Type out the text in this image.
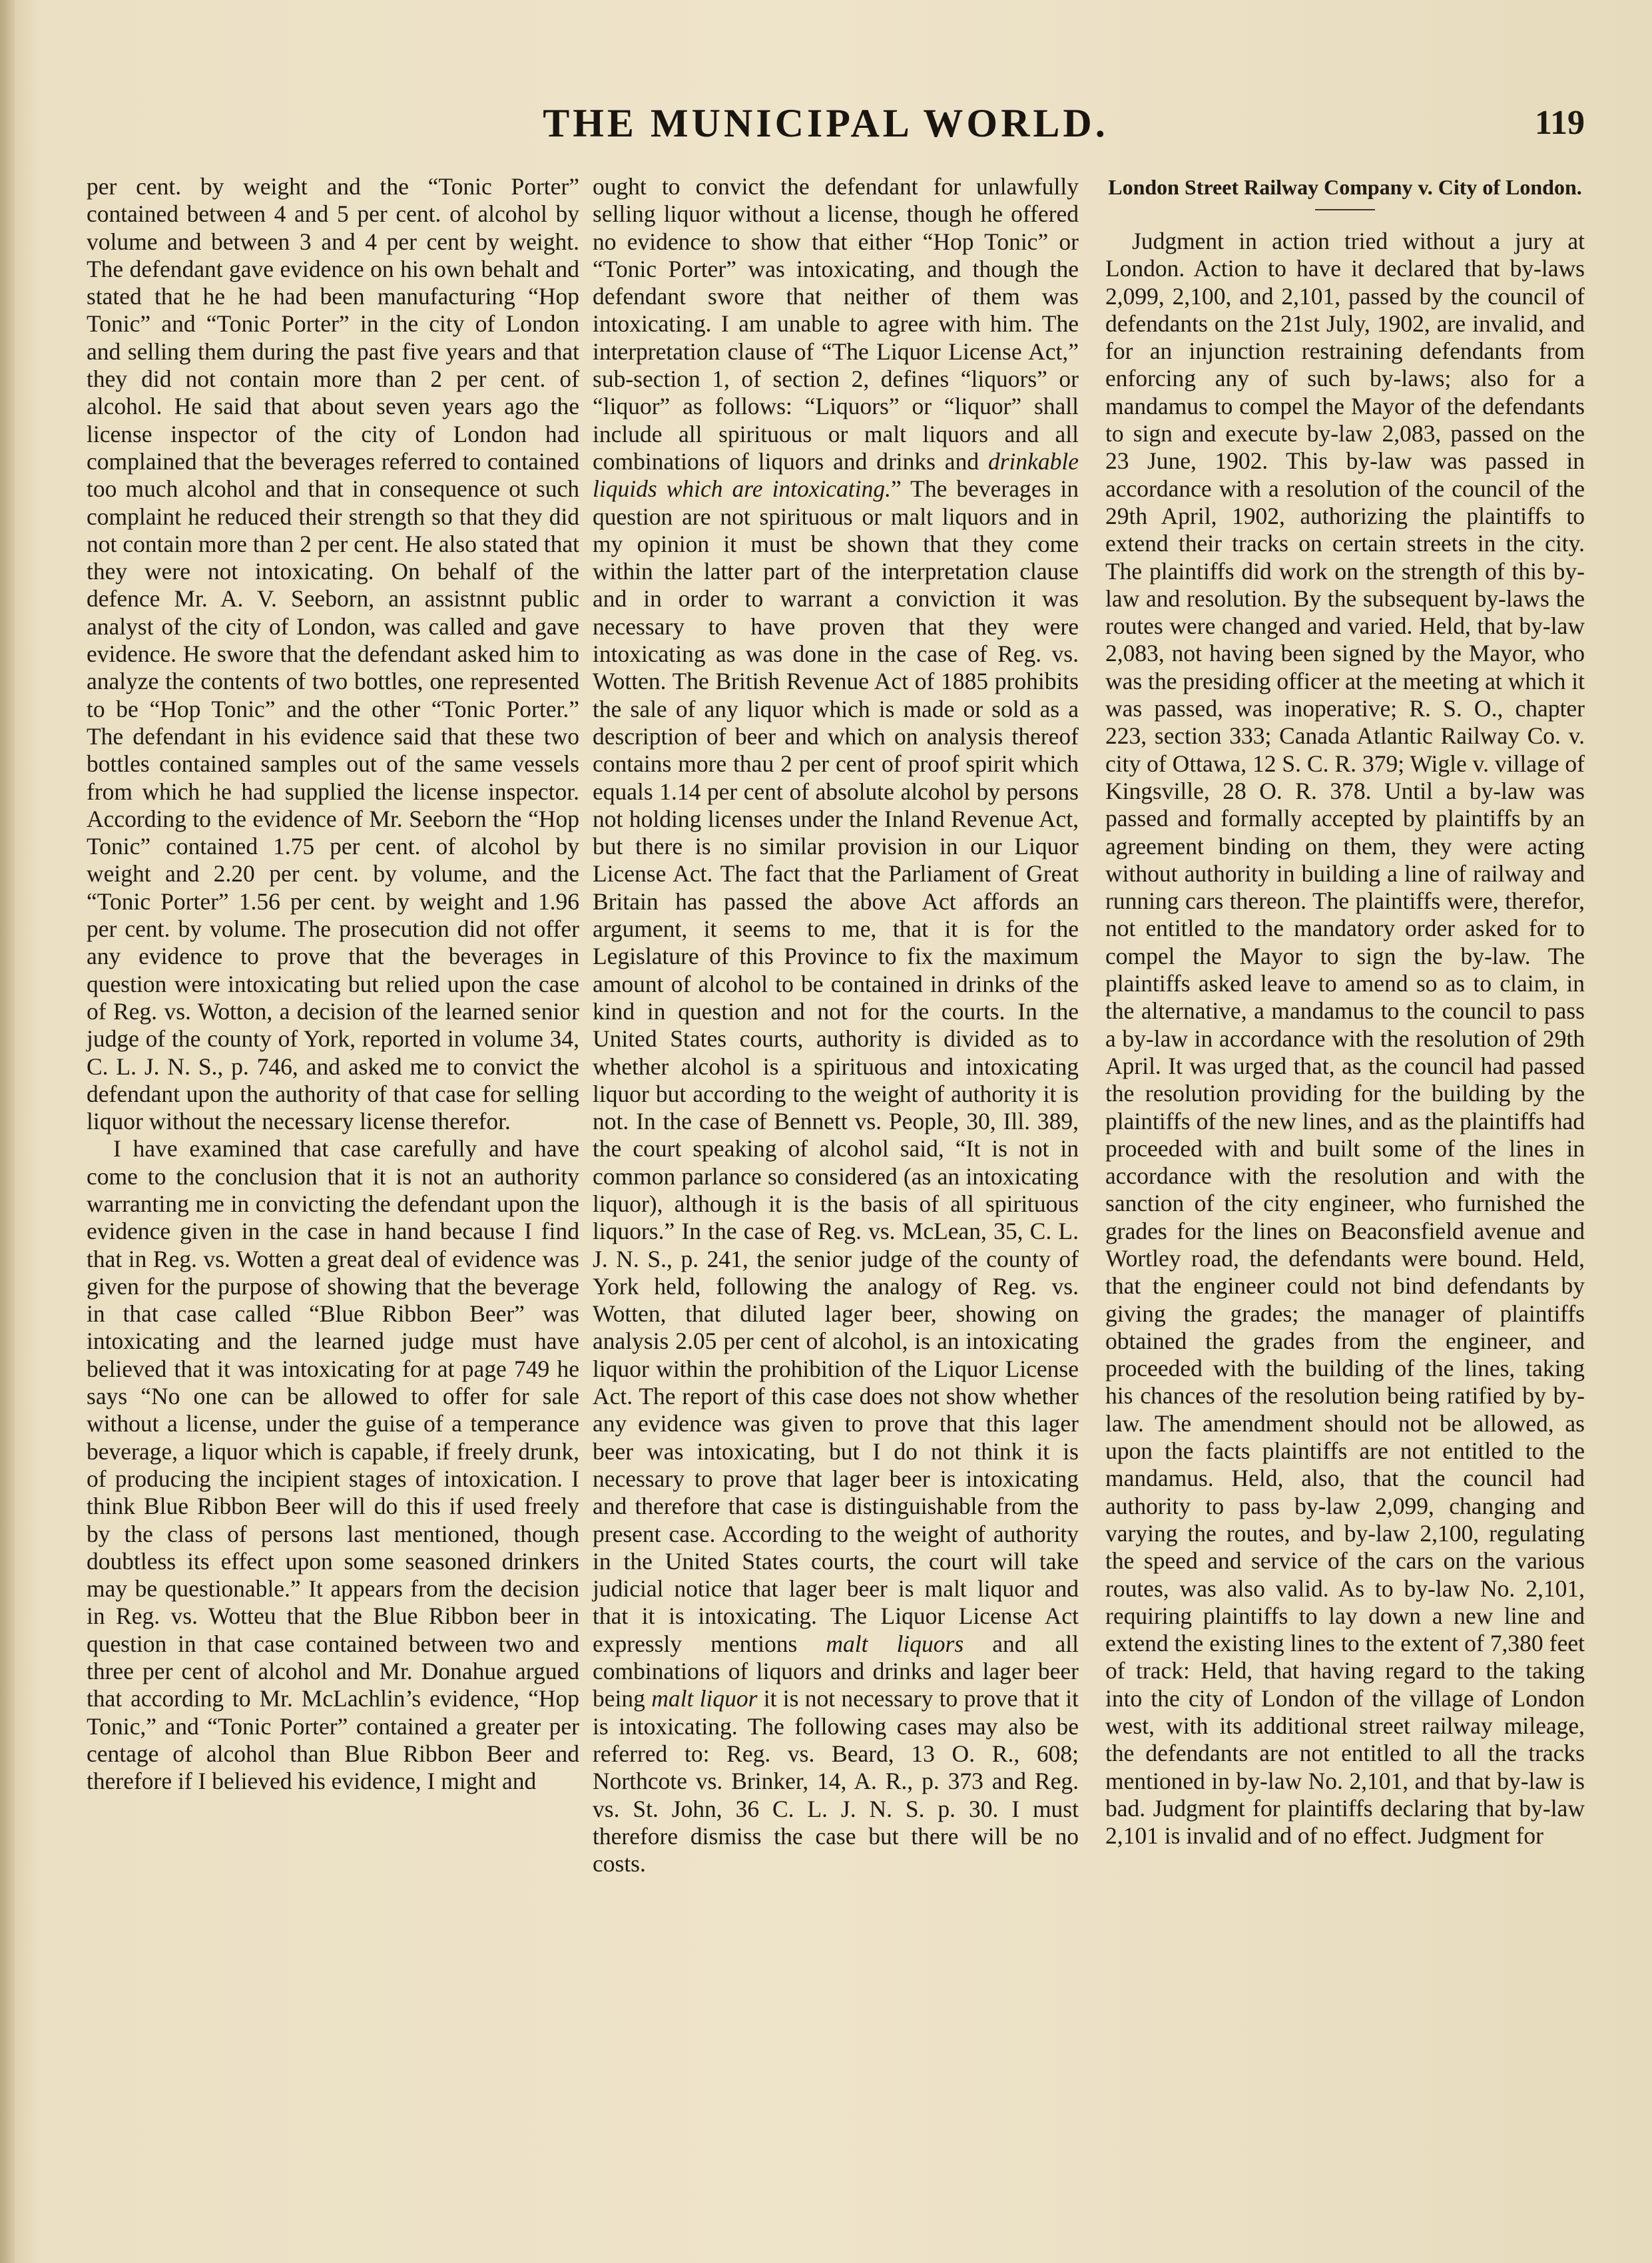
THE MUNICIPAL WORLD.	119

per cent. by weight and the “Tonic Porter” contained between 4 and 5 per cent. of alcohol by volume and between 3 and 4 per cent by weight. The defendant gave evidence on his own behalt and stated that he he had been manufacturing “Hop Tonic” and “Tonic Porter” in the city of London and selling them during the past five years and that they did not contain more than 2 per cent. of alcohol. He said that about seven years ago the license inspector of the city of London had complained that the beverages referred to contained too much alcohol and that in consequence ot such complaint he reduced their strength so that they did not contain more than 2 per cent. He also stated that they were not intoxicating. On behalf of the defence Mr. A. V. Seeborn, an assistnnt public analyst of the city of London, was called and gave evidence. He swore that the defendant asked him to analyze the contents of two bottles, one represented to be “Hop Tonic” and the other “Tonic Porter.” The defendant in his evidence said that these two bottles contained samples out of the same vessels from which he had supplied the license inspector. According to the evidence of Mr. Seeborn the “Hop Tonic” contained 1.75 per cent. of alcohol by weight and 2.20 per cent. by volume, and the “Tonic Porter” 1.56 per cent. by weight and 1.96 per cent. by volume. The prosecution did not offer any evidence to prove that the beverages in question were intoxicating but relied upon the case of Reg. vs. Wotton, a decision of the learned senior judge of the county of York, reported in volume 34, C. L. J. N. S., p. 746, and asked me to convict the defendant upon the authority of that case for selling liquor without the necessary license therefor.

I have examined that case carefully and have come to the conclusion that it is not an authority warranting me in convicting the defendant upon the evidence given in the case in hand because I find that in Reg. vs. Wotten a great deal of evidence was given for the purpose of showing that the beverage in that case called “Blue Ribbon Beer” was intoxicating and the learned judge must have believed that it was intoxicating for at page 749 he says “No one can be allowed to offer for sale without a license, under the guise of a temperance beverage, a liquor which is capable, if freely drunk, of producing the incipient stages of intoxication. I think Blue Ribbon Beer will do this if used freely by the class of persons last mentioned, though doubtless its effect upon some seasoned drinkers may be questionable.” It appears from the decision in Reg. vs. Wotteu that the Blue Ribbon beer in question in that case contained between two and three per cent of alcohol and Mr. Donahue argued that according to Mr. McLachlin’s evidence, “Hop Tonic,” and “Tonic Porter” contained a greater per centage of alcohol than Blue Ribbon Beer and therefore if I believed his evidence, I might and

ought to convict the defendant for unlawfully selling liquor without a license, though he offered no evidence to show that either “Hop Tonic” or “Tonic Porter” was intoxicating, and though the defendant swore that neither of them was intoxicating. I am unable to agree with him. The interpretation clause of “The Liquor License Act,” sub-section 1, of section 2, defines “liquors” or “liquor” as follows: “Liquors” or “liquor” shall include all spirituous or malt liquors and all combinations of liquors and drinks and drinkable liquids which are intoxicating.” The beverages in question are not spirituous or malt liquors and in my opinion it must be shown that they come within the latter part of the interpretation clause and in order to warrant a conviction it was necessary to have proven that they were intoxicating as was done in the case of Reg. vs. Wotten. The British Revenue Act of 1885 prohibits the sale of any liquor which is made or sold as a description of beer and which on analysis thereof contains more thau 2 per cent of proof spirit which equals 1.14 per cent of absolute alcohol by persons not holding licenses under the Inland Revenue Act, but there is no similar provision in our Liquor License Act. The fact that the Parliament of Great Britain has passed the above Act affords an argument, it seems to me, that it is for the Legislature of this Province to fix the maximum amount of alcohol to be contained in drinks of the kind in question and not for the courts. In the United States courts, authority is divided as to whether alcohol is a spirituous and intoxicating liquor but according to the weight of authority it is not. In the case of Bennett vs. People, 30, Ill. 389, the court speaking of alcohol said, “It is not in common parlance so considered (as an intoxicating liquor), although it is the basis of all spirituous liquors.” In the case of Reg. vs. McLean, 35, C. L. J. N. S., p. 241, the senior judge of the county of York held, following the analogy of Reg. vs. Wotten, that diluted lager beer, showing on analysis 2.05 per cent of alcohol, is an intoxicating liquor within the prohibition of the Liquor License Act. The report of this case does not show whether any evidence was given to prove that this lager beer was intoxicating, but I do not think it is necessary to prove that lager beer is intoxicating and therefore that case is distinguishable from the present case. According to the weight of authority in the United States courts, the court will take judicial notice that lager beer is malt liquor and that it is intoxicating. The Liquor License Act expressly mentions malt liquors and all combinations of liquors and drinks and lager beer being malt liquor it is not necessary to prove that it is intoxicating. The following cases may also be referred to: Reg. vs. Beard, 13 O. R., 608; Northcote vs. Brinker, 14, A. R., p. 373 and Reg. vs. St. John, 36 C. L. J. N. S. p. 30. I must therefore dismiss the case but there will be no costs.

London Street Railway Company v. City of London.

Judgment in action tried without a jury at London. Action to have it declared that by-laws 2,099, 2,100, and 2,101, passed by the council of defendants on the 21st July, 1902, are invalid, and for an injunction restraining defendants from enforcing any of such by-laws; also for a mandamus to compel the Mayor of the defendants to sign and execute by-law 2,083, passed on the 23 June, 1902. This by-law was passed in accordance with a resolution of the council of the 29th April, 1902, authorizing the plaintiffs to extend their tracks on certain streets in the city. The plaintiffs did work on the strength of this by-law and resolution. By the subsequent by-laws the routes were changed and varied. Held, that by-law 2,083, not having been signed by the Mayor, who was the presiding officer at the meeting at which it was passed, was inoperative; R. S. O., chapter 223, section 333; Canada Atlantic Railway Co. v. city of Ottawa, 12 S. C. R. 379; Wigle v. village of Kingsville, 28 O. R. 378. Until a by-law was passed and formally accepted by plaintiffs by an agreement binding on them, they were acting without authority in building a line of railway and running cars thereon. The plaintiffs were, therefor, not entitled to the mandatory order asked for to compel the Mayor to sign the by-law. The plaintiffs asked leave to amend so as to claim, in the alternative, a mandamus to the council to pass a by-law in accordance with the resolution of 29th April. It was urged that, as the council had passed the resolution providing for the building by the plaintiffs of the new lines, and as the plaintiffs had proceeded with and built some of the lines in accordance with the resolution and with the sanction of the city engineer, who furnished the grades for the lines on Beaconsfield avenue and Wortley road, the defendants were bound. Held, that the engineer could not bind defendants by giving the grades; the manager of plaintiffs obtained the grades from the engineer, and proceeded with the building of the lines, taking his chances of the resolution being ratified by by-law. The amendment should not be allowed, as upon the facts plaintiffs are not entitled to the mandamus. Held, also, that the council had authority to pass by-law 2,099, changing and varying the routes, and by-law 2,100, regulating the speed and service of the cars on the various routes, was also valid. As to by-law No. 2,101, requiring plaintiffs to lay down a new line and extend the existing lines to the extent of 7,380 feet of track: Held, that having regard to the taking into the city of London of the village of London west, with its additional street railway mileage, the defendants are not entitled to all the tracks mentioned in by-law No. 2,101, and that by-law is bad. Judgment for plaintiffs declaring that by-law 2,101 is invalid and of no effect. Judgment for
